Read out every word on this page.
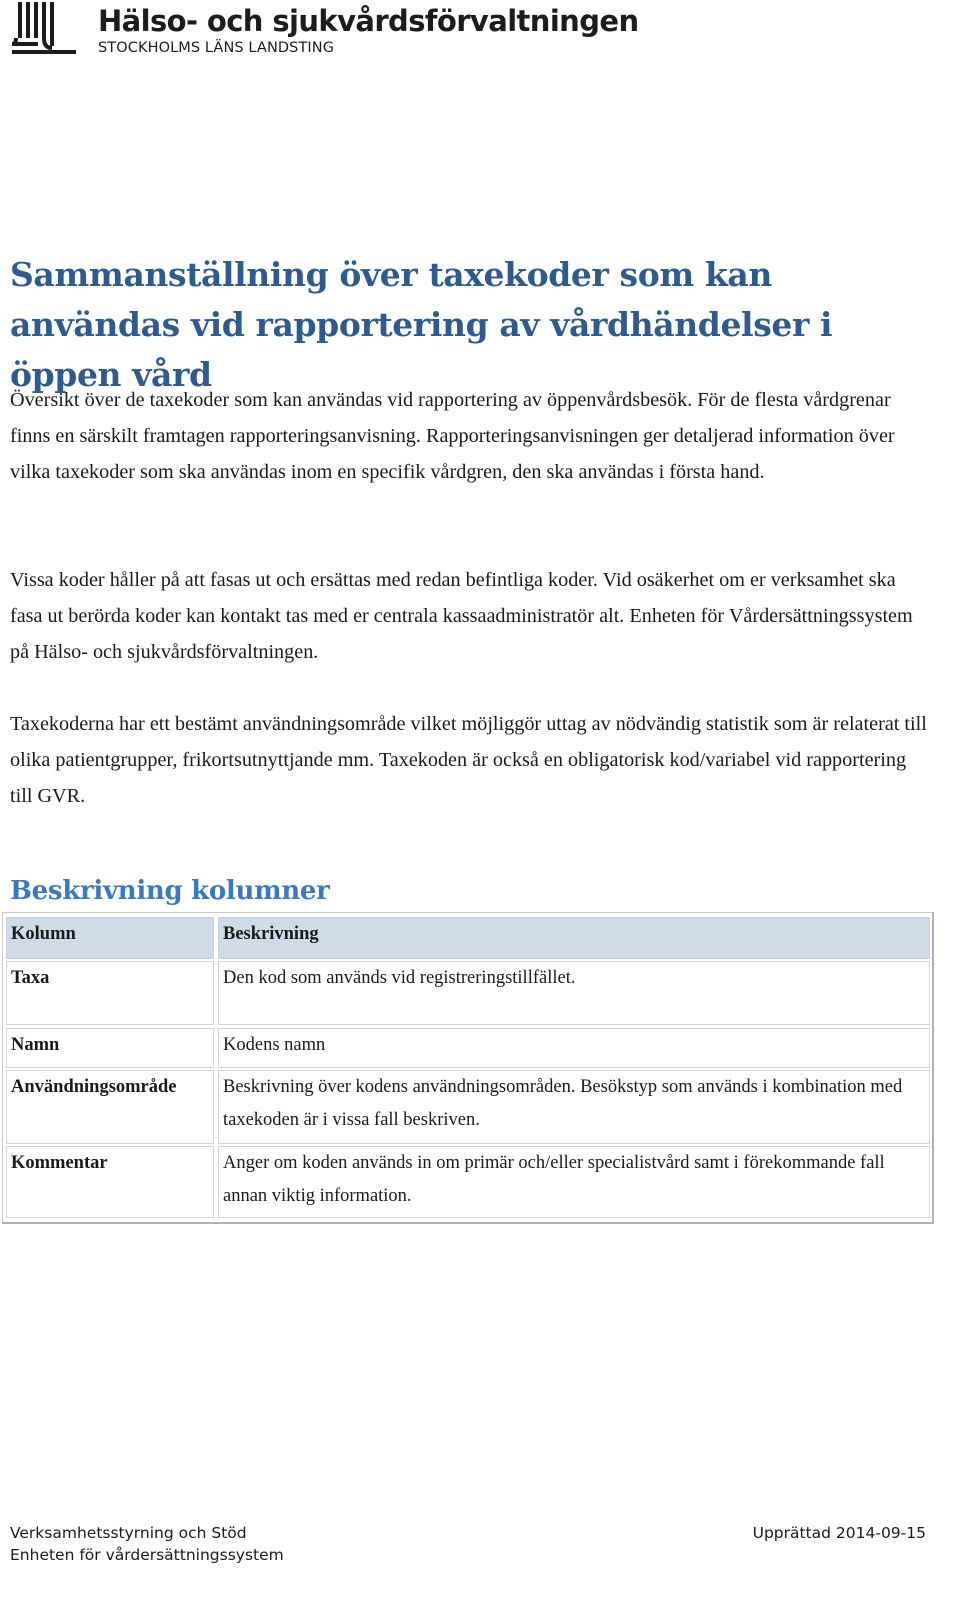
Hälso- och sjukvårdsförvaltningen
STOCKHOLMS LÄNS LANDSTING
Sammanställning över taxekoder som kan användas vid rapportering av vårdhändelser i öppen vård

Översikt över de taxekoder som kan användas vid rapportering av öppenvårdsbesök. För de flesta vårdgrenar finns en särskilt framtagen rapporteringsanvisning. Rapporteringsanvisningen ger detaljerad information över vilka taxekoder som ska användas inom en specifik vårdgren, den ska användas i första hand.

Vissa koder håller på att fasas ut och ersättas med redan befintliga koder. Vid osäkerhet om er verksamhet ska fasa ut berörda koder kan kontakt tas med er centrala kassaadministratör alt. Enheten för Vårdersättningssystem på Hälso- och sjukvårdsförvaltningen.

Taxekoderna har ett bestämt användningsområde vilket möjliggör uttag av nödvändig statistik som är relaterat till olika patientgrupper, frikortsutnyttjande mm. Taxekoden är också en obligatorisk kod/variabel vid rapportering till GVR.

Beskrivning kolumner
Kolumn	Beskrivning
Taxa	Den kod som används vid registreringstillfället.
Namn	Kodens namn
Användningsområde	Beskrivning över kodens användningsområden. Besökstyp som används i kombination med taxekoden är i vissa fall beskriven.
Kommentar	Anger om koden används in om primär och/eller specialistvård samt i förekommande fall annan viktig information.
Verksamhetsstyrning och Stöd
Enheten för vårdersättningssystem
Upprättad 2014-09-15
